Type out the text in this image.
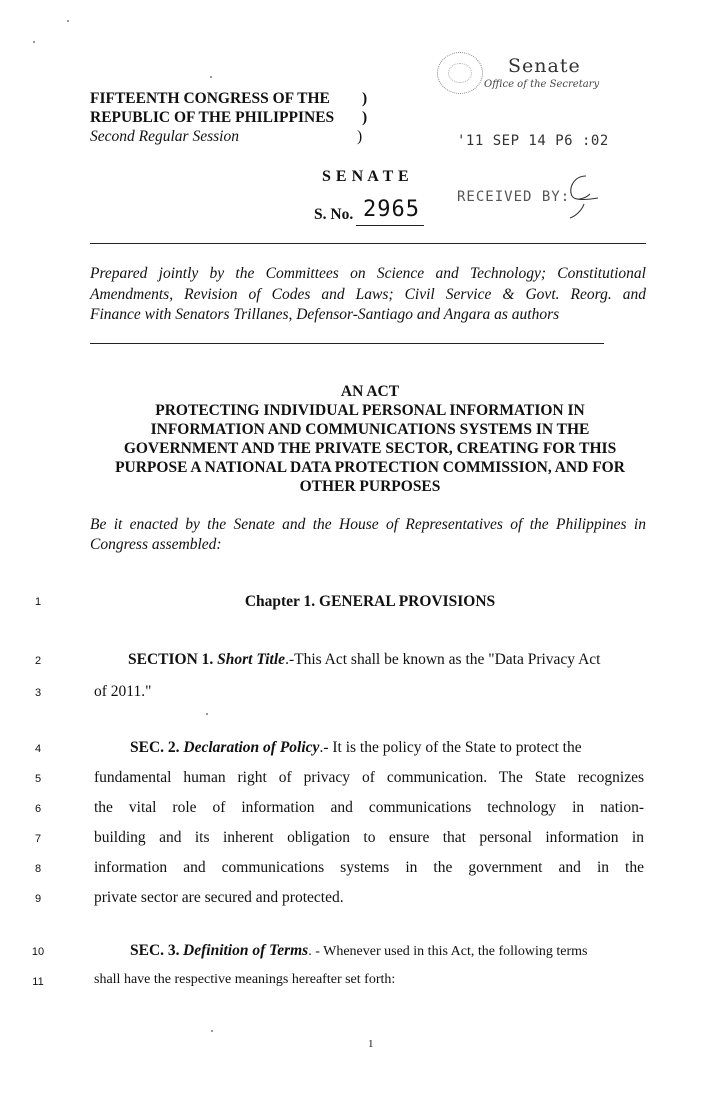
FIFTEENTH CONGRESS OF THE )
REPUBLIC OF THE PHILIPPINES )
Second Regular Session	)
Senate
Office of the Secretary
'11 SEP 14 P6 :02
RECEIVED BY:
S E N A T E
S. No. 2965
Prepared jointly by the Committees on Science and Technology; Constitutional
Amendments, Revision of Codes and Laws; Civil Service & Govt. Reorg. and
Finance with Senators Trillanes, Defensor-Santiago and Angara as authors
AN ACT
PROTECTING INDIVIDUAL PERSONAL INFORMATION IN
INFORMATION AND COMMUNICATIONS SYSTEMS IN THE
GOVERNMENT AND THE PRIVATE SECTOR, CREATING FOR THIS
PURPOSE A NATIONAL DATA PROTECTION COMMISSION, AND FOR
OTHER PURPOSES
Be it enacted by the Senate and the House of Representatives of the Philippines in
Congress assembled:
1	Chapter 1. GENERAL PROVISIONS
2	SECTION 1. Short Title.-This Act shall be known as the "Data Privacy Act
3	of 2011."
4	SEC. 2. Declaration of Policy.- It is the policy of the State to protect the
5	fundamental human right of privacy of communication. The State recognizes
6	the vital role of information and communications technology in nation-
7	building and its inherent obligation to ensure that personal information in
8	information and communications systems in the government and in the
9	private sector are secured and protected.
10	SEC. 3. Definition of Terms. - Whenever used in this Act, the following terms
11	shall have the respective meanings hereafter set forth:
1
